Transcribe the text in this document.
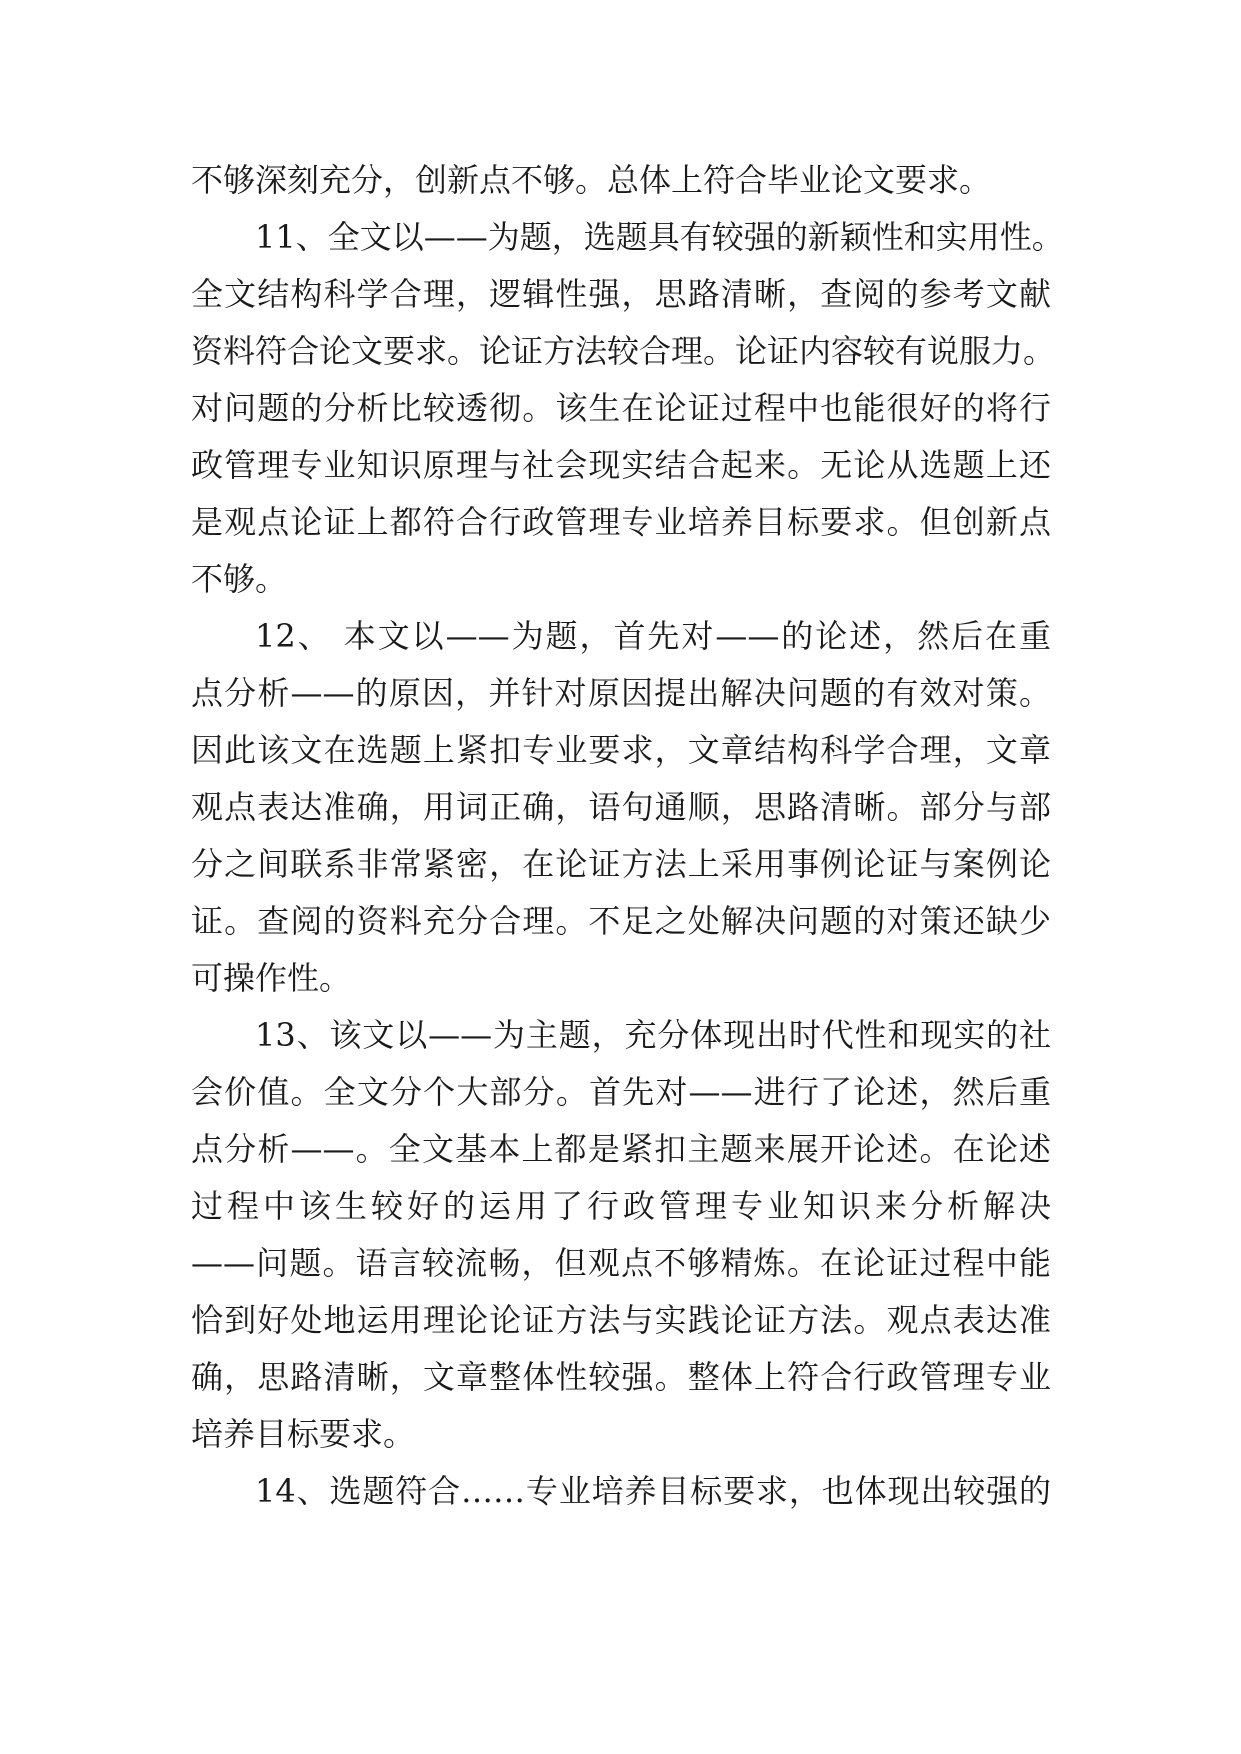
不够深刻充分，创新点不够。总体上符合毕业论文要求。
11、全文以——为题，选题具有较强的新颖性和实用性。
全文结构科学合理，逻辑性强，思路清晰，查阅的参考文献
资料符合论文要求。论证方法较合理。论证内容较有说服力。
对问题的分析比较透彻。该生在论证过程中也能很好的将行
政管理专业知识原理与社会现实结合起来。无论从选题上还
是观点论证上都符合行政管理专业培养目标要求。但创新点
不够。
12、 本文以——为题，首先对——的论述，然后在重
点分析——的原因，并针对原因提出解决问题的有效对策。
因此该文在选题上紧扣专业要求，文章结构科学合理，文章
观点表达准确，用词正确，语句通顺，思路清晰。部分与部
分之间联系非常紧密，在论证方法上采用事例论证与案例论
证。查阅的资料充分合理。不足之处解决问题的对策还缺少
可操作性。
13、该文以——为主题，充分体现出时代性和现实的社
会价值。全文分个大部分。首先对——进行了论述，然后重
点分析——。全文基本上都是紧扣主题来展开论述。在论述
过程中该生较好的运用了行政管理专业知识来分析解决
——问题。语言较流畅，但观点不够精炼。在论证过程中能
恰到好处地运用理论论证方法与实践论证方法。观点表达准
确，思路清晰，文章整体性较强。整体上符合行政管理专业
培养目标要求。
14、选题符合……专业培养目标要求，也体现出较强的
